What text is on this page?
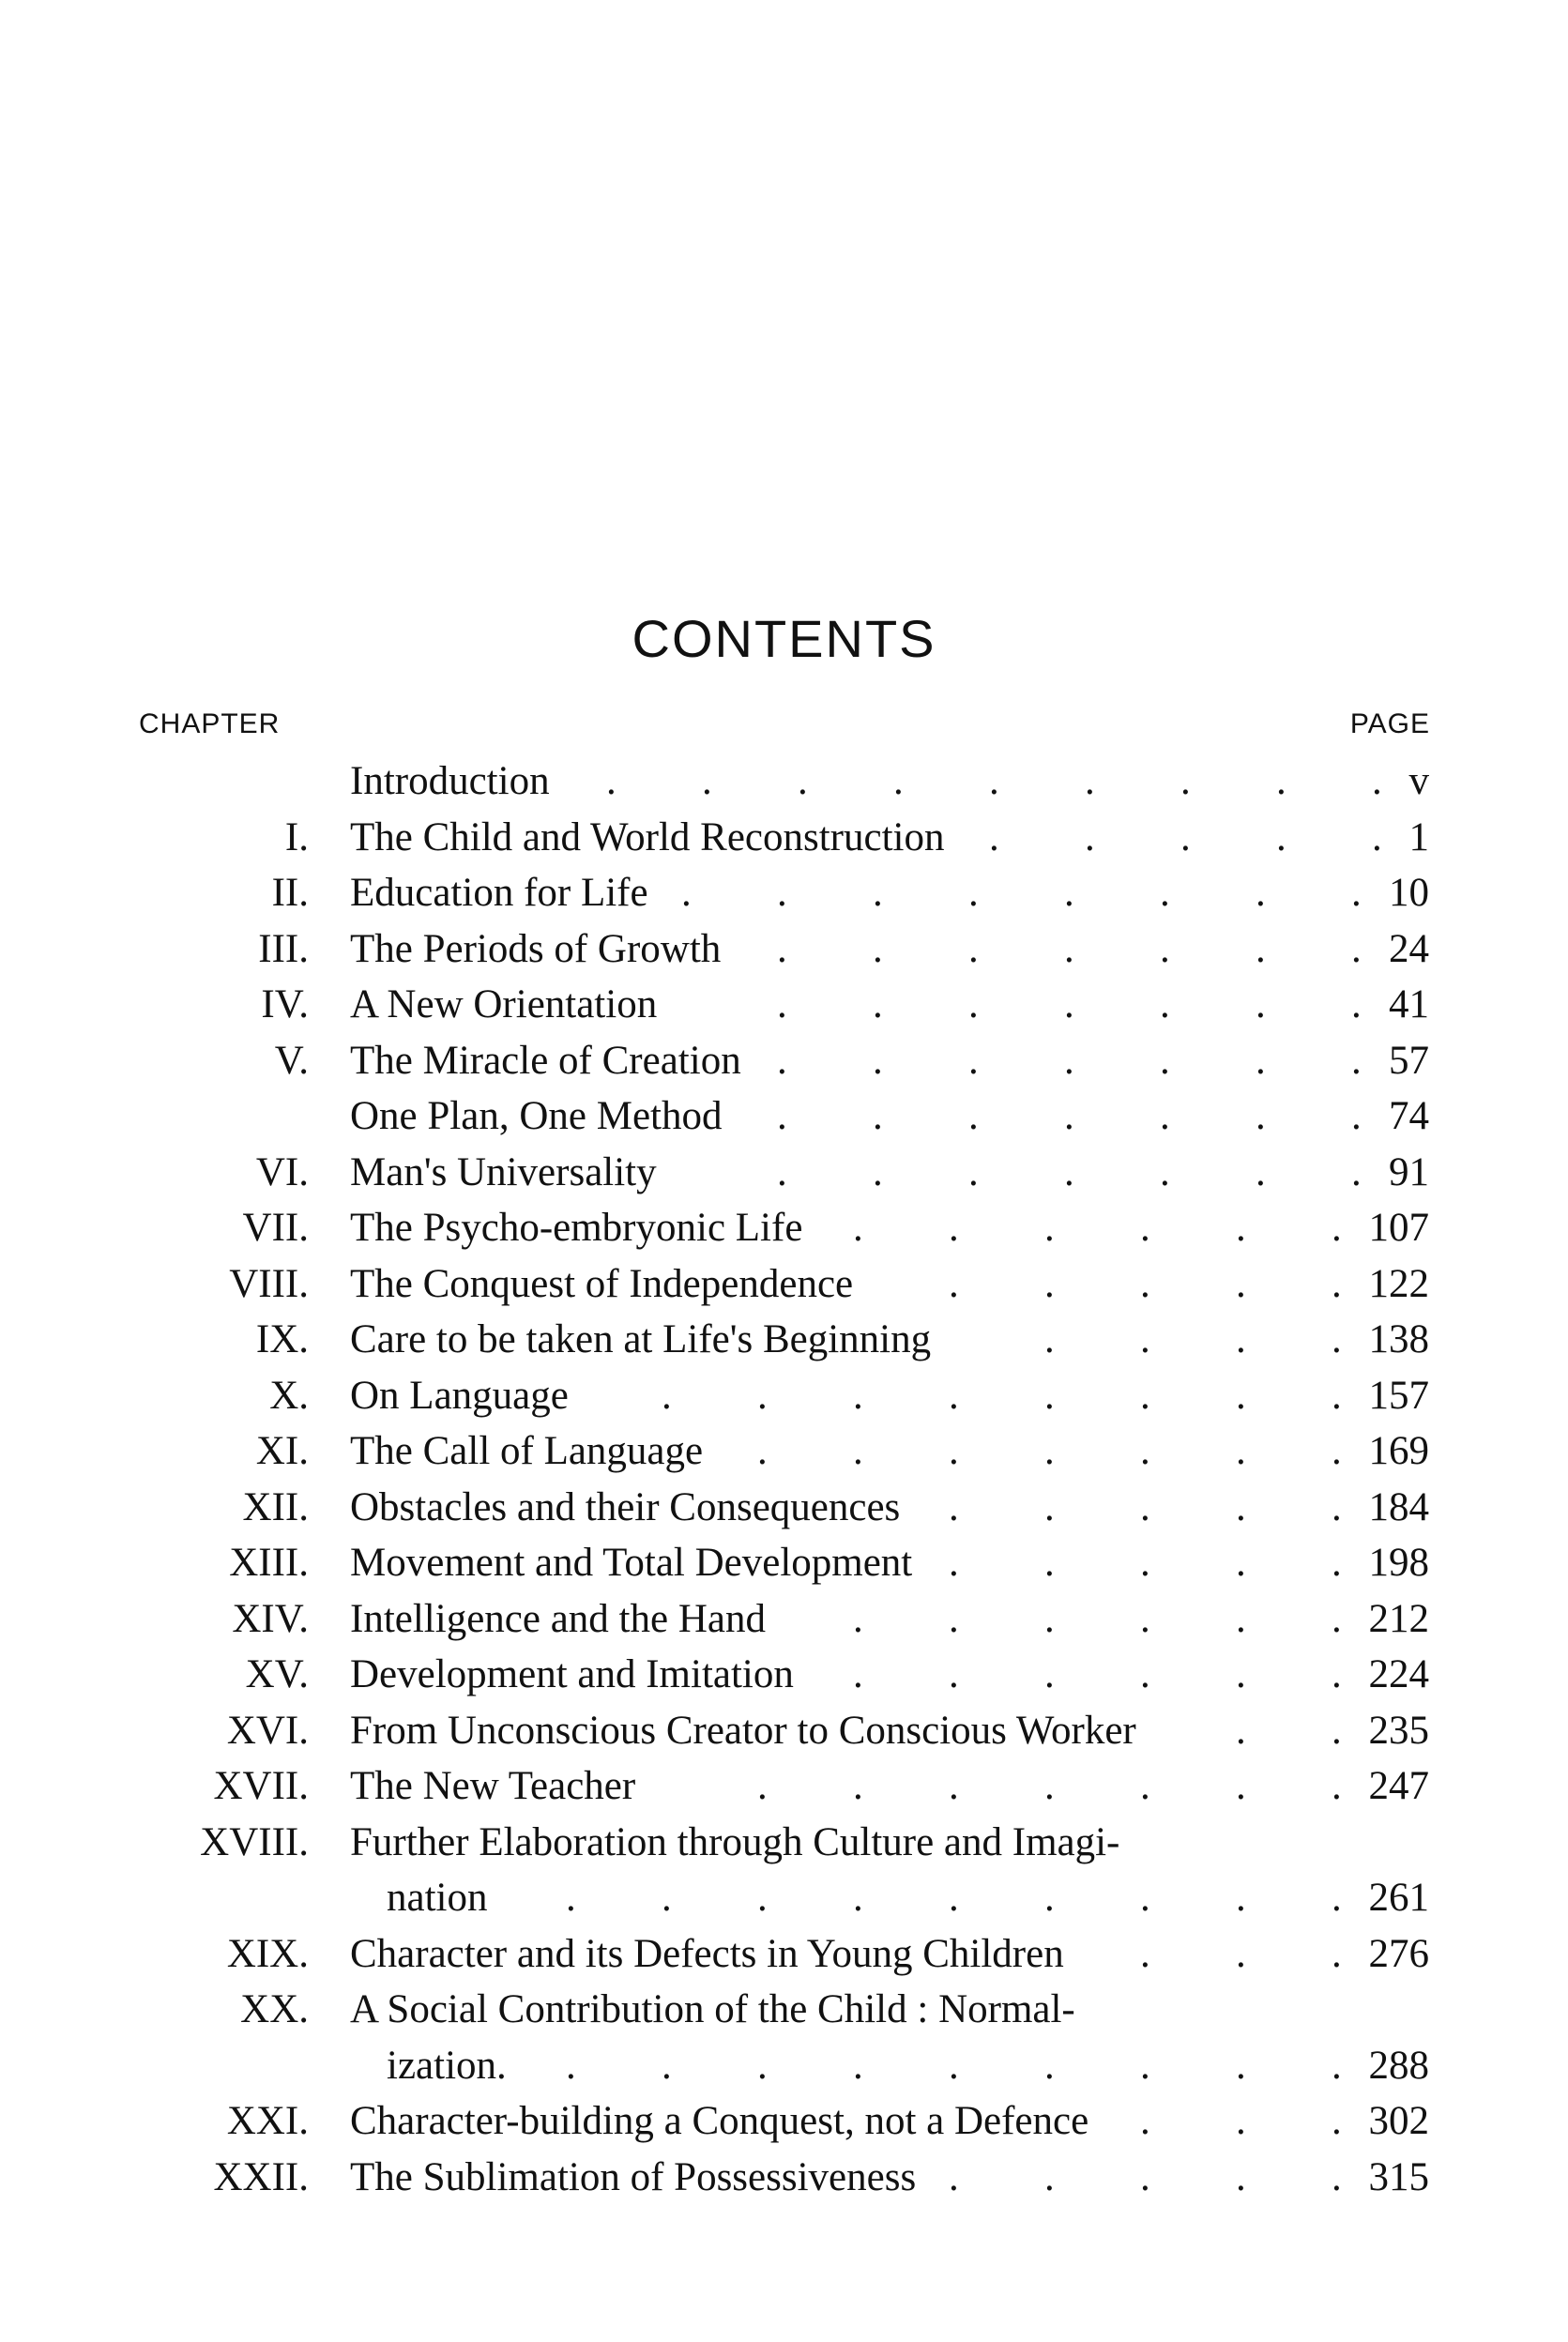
CONTENTS
CHAPTER	PAGE
Introduction	v
.
.
.
.
.
.
.
.
.
I. The Child and World Reconstruction	1
.
.
.
.
.
II. Education for Life	10
.
.
.
.
.
.
.
.
III. The Periods of Growth	24
.
.
.
.
.
.
.
IV. A New Orientation	41
.
.
.
.
.
.
.
V. The Miracle of Creation	57
.
.
.
.
.
.
.
One Plan, One Method	74
.
.
.
.
.
.
.
VI. Man's Universality	91
.
.
.
.
.
.
.
VII. The Psycho-embryonic Life	107
.
.
.
.
.
.
VIII. The Conquest of Independence	122
.
.
.
.
.
IX. Care to be taken at Life's Beginning	138
.
.
.
.
X. On Language	157
.
.
.
.
.
.
.
.
XI. The Call of Language	169
.
.
.
.
.
.
.
XII. Obstacles and their Consequences	184
.
.
.
.
.
XIII. Movement and Total Development	198
.
.
.
.
.
XIV. Intelligence and the Hand	212
.
.
.
.
.
.
XV. Development and Imitation	224
.
.
.
.
.
.
XVI. From Unconscious Creator to Conscious Worker	235
.
.
XVII. The New Teacher	247
.
.
.
.
.
.
.
XVIII. Further Elaboration through Culture and Imagi-
nation	261
.
.
.
.
.
.
.
.
.
XIX. Character and its Defects in Young Children	276
.
.
.
XX. A Social Contribution of the Child : Normal-
ization.	288
.
.
.
.
.
.
.
.
.
XXI. Character-building a Conquest, not a Defence	302
.
.
.
XXII. The Sublimation of Possessiveness	315
.
.
.
.
.
